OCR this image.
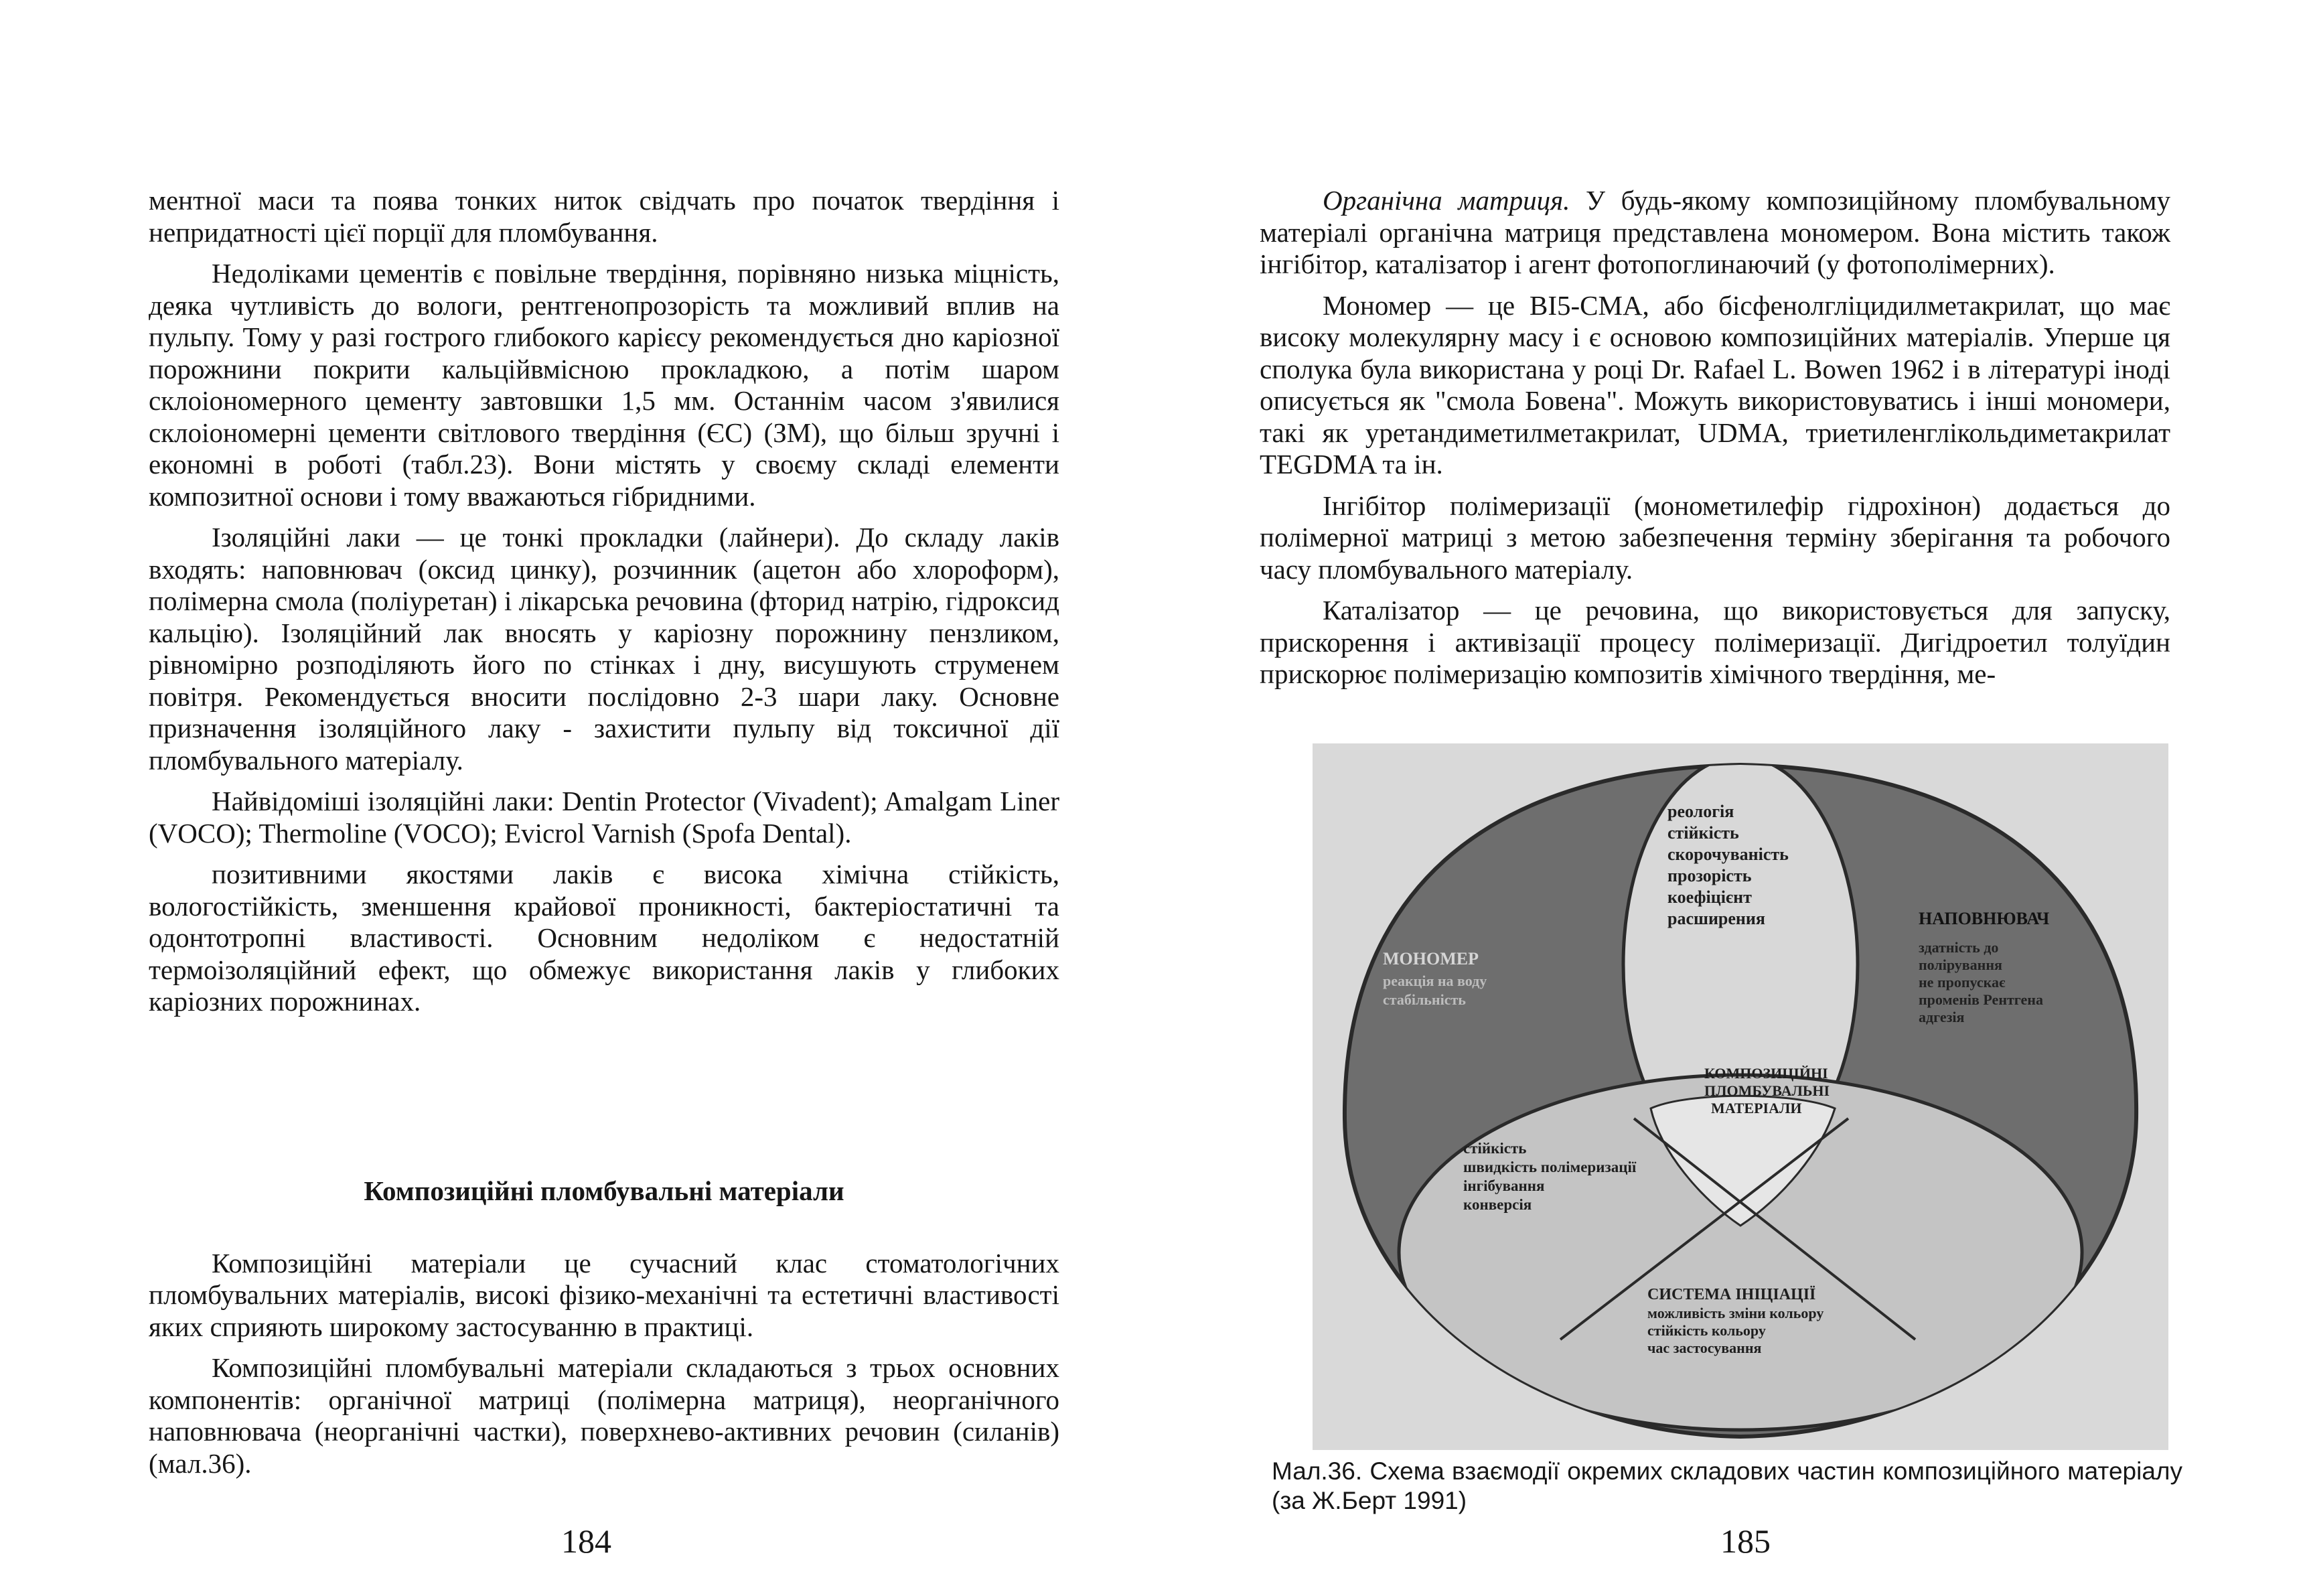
ментної маси та поява тонких ниток свідчать про початок твердіння і непридатності цієї порції для пломбування.

Недоліками цементів є повільне твердіння, порівняно низька міцність, деяка чутливість до вологи, рентгенопрозорість та можливий вплив на пульпу. Тому у разі гострого глибокого карієсу рекомендується дно каріозної порожнини покрити кальційвмісною прокладкою, а потім шаром склоіономерного цементу завтовшки 1,5 мм. Останнім часом з'явилися склоіономерні цементи світлового твердіння (ЄС) (ЗМ), що більш зручні і економні в роботі (табл.23). Вони містять у своєму складі елементи композитної основи і тому вважаються гібридними.

Ізоляційні лаки — це тонкі прокладки (лайнери). До складу лаків входять: наповнювач (оксид цинку), розчинник (ацетон або хлороформ), полімерна смола (поліуретан) і лікарська речовина (фторид натрію, гідроксид кальцію). Ізоляційний лак вносять у каріозну порожнину пензликом, рівномірно розподіляють його по стінках і дну, висушують струменем повітря. Рекомендується вносити послідовно 2-3 шари лаку. Основне призначення ізоляційного лаку - захистити пульпу від токсичної дії пломбувального матеріалу.

Найвідоміші ізоляційні лаки: Dentin Protector (Vivadent); Amalgam Liner (VOCO); Thermoline (VOCO); Evicrol Varnish (Spofa Dental).

позитивними якостями лаків є висока хімічна стійкість, вологостійкість, зменшення крайової проникності, бактеріостатичні та одонтотропні властивості. Основним недоліком є недостатній термоізоляційний ефект, що обмежує використання лаків у глибоких каріозних порожнинах.

Композиційні пломбувальні матеріали

Композиційні матеріали це сучасний клас стоматологічних пломбувальних матеріалів, високі фізико-механічні та естетичні властивості яких сприяють широкому застосуванню в практиці.

Композиційні пломбувальні матеріали складаються з трьох основних компонентів: органічної матриці (полімерна матриця), неорганічного наповнювача (неорганічні частки), поверхнево-активних речовин (силанів) (мал.36).

184

Органічна матриця. У будь-якому композиційному пломбувальному матеріалі органічна матриця представлена мономером. Вона містить також інгібітор, каталізатор і агент фотопоглинаючий (у фотополімерних).

Мономер — це BI5-CMA, або бісфенолгліцидилметакрилат, що має високу молекулярну масу і є основою композиційних матеріалів. Уперше ця сполука була використана у році Dr. Rafael L. Bowen 1962 і в літературі іноді описується як "смола Бовена". Можуть використовуватись і інші мономери, такі як уретандиметилметакрилат, UDMA, триетиленглікольдиметакрилат TEGDMA та ін.

Інгібітор полімеризації (монометилефір гідрохінон) додається до полімерної матриці з метою забезпечення терміну зберігання та робочого часу пломбувального матеріалу.

Каталізатор — це речовина, що використовується для запуску, прискорення і активізації процесу полімеризації. Дигідроетил толуїдин прискорює полімеризацію композитів хімічного твердіння, ме-

реологія
стійкість
скорочуваність
прозорість
коефіцієнт
расширения
КОМПОЗИЦІЙНІ
ПЛОМБУВАЛЬНІ
МАТЕРІАЛИ
МОНОМЕР
реакція на воду
стабільність
НАПОВНЮВАЧ
здатність до
полірування
не пропускає
променів Рентгена
адгезія
стійкість
швидкість полімеризації
інгібування
конверсія
СИСТЕМА ІНІЦІАЦІЇ
можливість зміни кольору
стійкість кольору
час застосування

Мал.36. Схема взаємодії окремих складових частин композиційного матеріалу (за Ж.Берт 1991)

185
